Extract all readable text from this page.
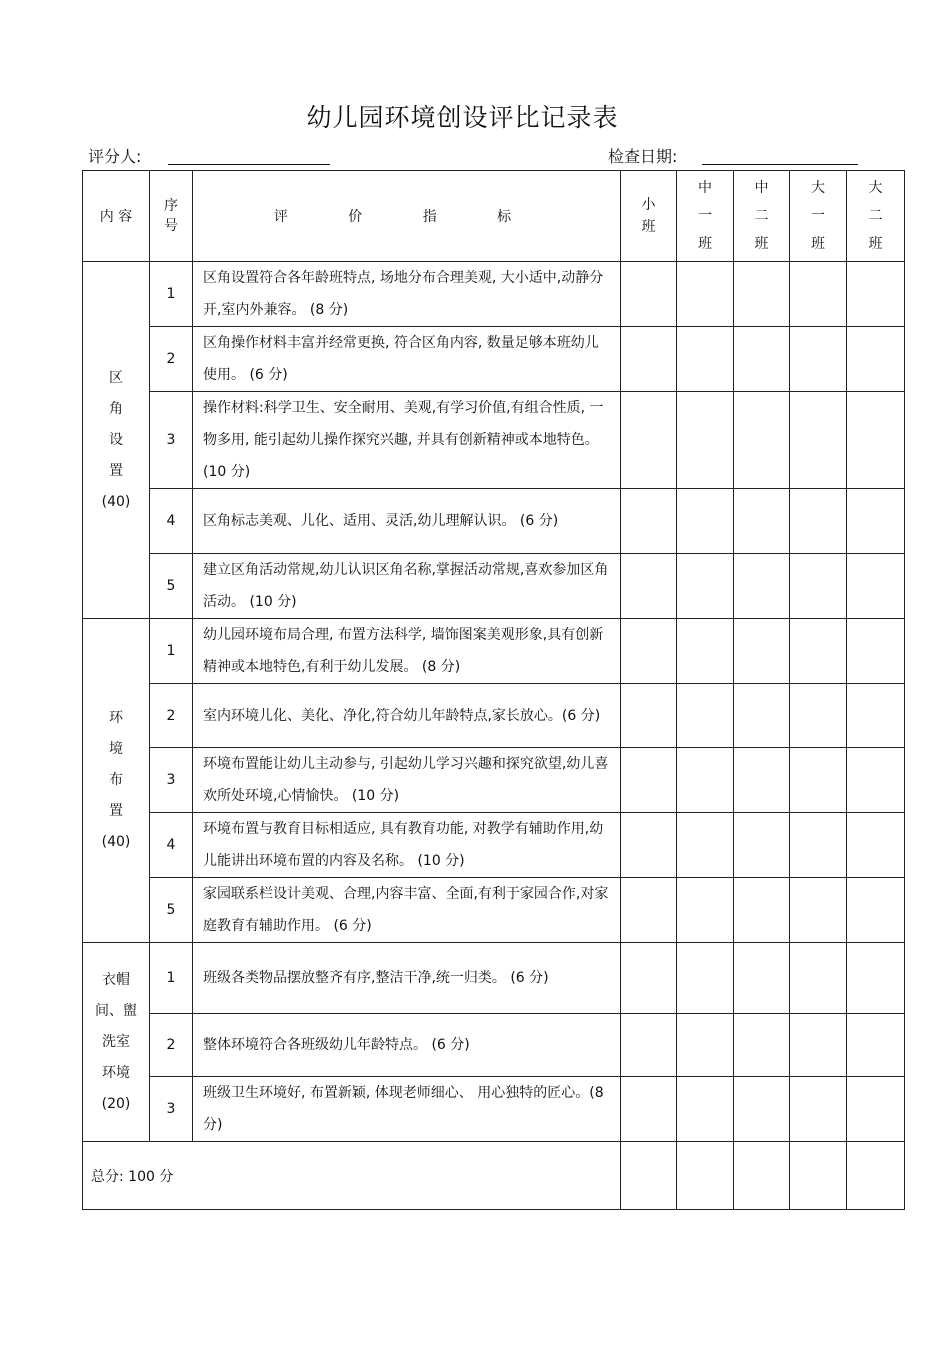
幼儿园环境创设评比记录表
评分人:	检查日期:
内 容	序号	评 价 指 标	小班	中一班	中二班	大一班	大二班

区
角
设
置
(40)	1	区角设置符合各年龄班特点, 场地分布合理美观, 大小适中,动静分开,室内外兼容。 (8 分)					
	2	区角操作材料丰富并经常更换, 符合区角内容, 数量足够本班幼儿使用。 (6 分)					
	3	操作材料:科学卫生、安全耐用、美观,有学习价值,有组合性质, 一物多用, 能引起幼儿操作探究兴趣, 并具有创新精神或本地特色。 (10 分)					
	4	区角标志美观、儿化、适用、灵活,幼儿理解认识。 (6 分)					
	5	建立区角活动常规,幼儿认识区角名称,掌握活动常规,喜欢参加区角活动。 (10 分)					

环
境
布
置
(40)	1	幼儿园环境布局合理, 布置方法科学, 墙饰图案美观形象,具有创新精神或本地特色,有利于幼儿发展。 (8 分)					
	2	室内环境儿化、美化、净化,符合幼儿年龄特点,家长放心。(6 分)					
	3	环境布置能让幼儿主动参与, 引起幼儿学习兴趣和探究欲望,幼儿喜欢所处环境,心情愉快。 (10 分)					
	4	环境布置与教育目标相适应, 具有教育功能, 对教学有辅助作用,幼儿能讲出环境布置的内容及名称。 (10 分)					
	5	家园联系栏设计美观、合理,内容丰富、全面,有利于家园合作,对家庭教育有辅助作用。 (6 分)					

衣帽
间、盥
洗室
环境
(20)	1	班级各类物品摆放整齐有序,整洁干净,统一归类。 (6 分)					
	2	整体环境符合各班级幼儿年龄特点。 (6 分)					
	3	班级卫生环境好, 布置新颖, 体现老师细心、 用心独特的匠心。(8 分)					
总分: 100 分							
